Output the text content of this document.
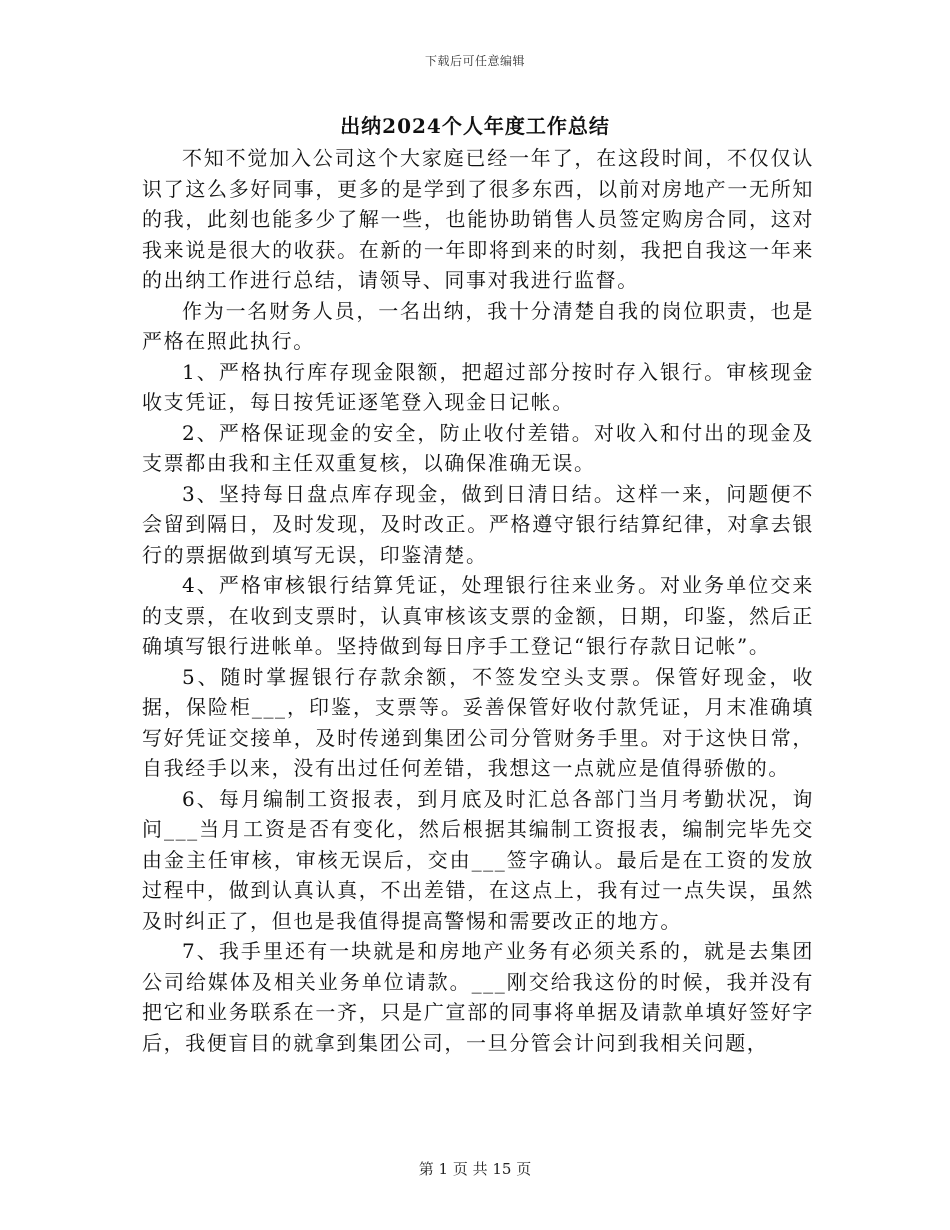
下载后可任意编辑
出纳2024个人年度工作总结

不知不觉加入公司这个大家庭已经一年了，在这段时间，不仅仅认识了这么多好同事，更多的是学到了很多东西，以前对房地产一无所知的我，此刻也能多少了解一些，也能协助销售人员签定购房合同，这对我来说是很大的收获。在新的一年即将到来的时刻，我把自我这一年来的出纳工作进行总结，请领导、同事对我进行监督。

作为一名财务人员，一名出纳，我十分清楚自我的岗位职责，也是严格在照此执行。

1、严格执行库存现金限额，把超过部分按时存入银行。审核现金收支凭证，每日按凭证逐笔登入现金日记帐。

2、严格保证现金的安全，防止收付差错。对收入和付出的现金及支票都由我和主任双重复核，以确保准确无误。

3、坚持每日盘点库存现金，做到日清日结。这样一来，问题便不会留到隔日，及时发现，及时改正。严格遵守银行结算纪律，对拿去银行的票据做到填写无误，印鉴清楚。

4、严格审核银行结算凭证，处理银行往来业务。对业务单位交来的支票，在收到支票时，认真审核该支票的金额，日期，印鉴，然后正确填写银行进帐单。坚持做到每日序手工登记“银行存款日记帐”。

5、随时掌握银行存款余额，不签发空头支票。保管好现金，收据，保险柜___，印鉴，支票等。妥善保管好收付款凭证，月末准确填写好凭证交接单，及时传递到集团公司分管财务手里。对于这快日常，自我经手以来，没有出过任何差错，我想这一点就应是值得骄傲的。

6、每月编制工资报表，到月底及时汇总各部门当月考勤状况，询问___当月工资是否有变化，然后根据其编制工资报表，编制完毕先交由金主任审核，审核无误后，交由___签字确认。最后是在工资的发放过程中，做到认真认真，不出差错，在这点上，我有过一点失误，虽然及时纠正了，但也是我值得提高警惕和需要改正的地方。

7、我手里还有一块就是和房地产业务有必须关系的，就是去集团公司给媒体及相关业务单位请款。___刚交给我这份的时候，我并没有把它和业务联系在一齐，只是广宣部的同事将单据及请款单填好签好字后，我便盲目的就拿到集团公司，一旦分管会计问到我相关问题，

第 1 页 共 15 页
